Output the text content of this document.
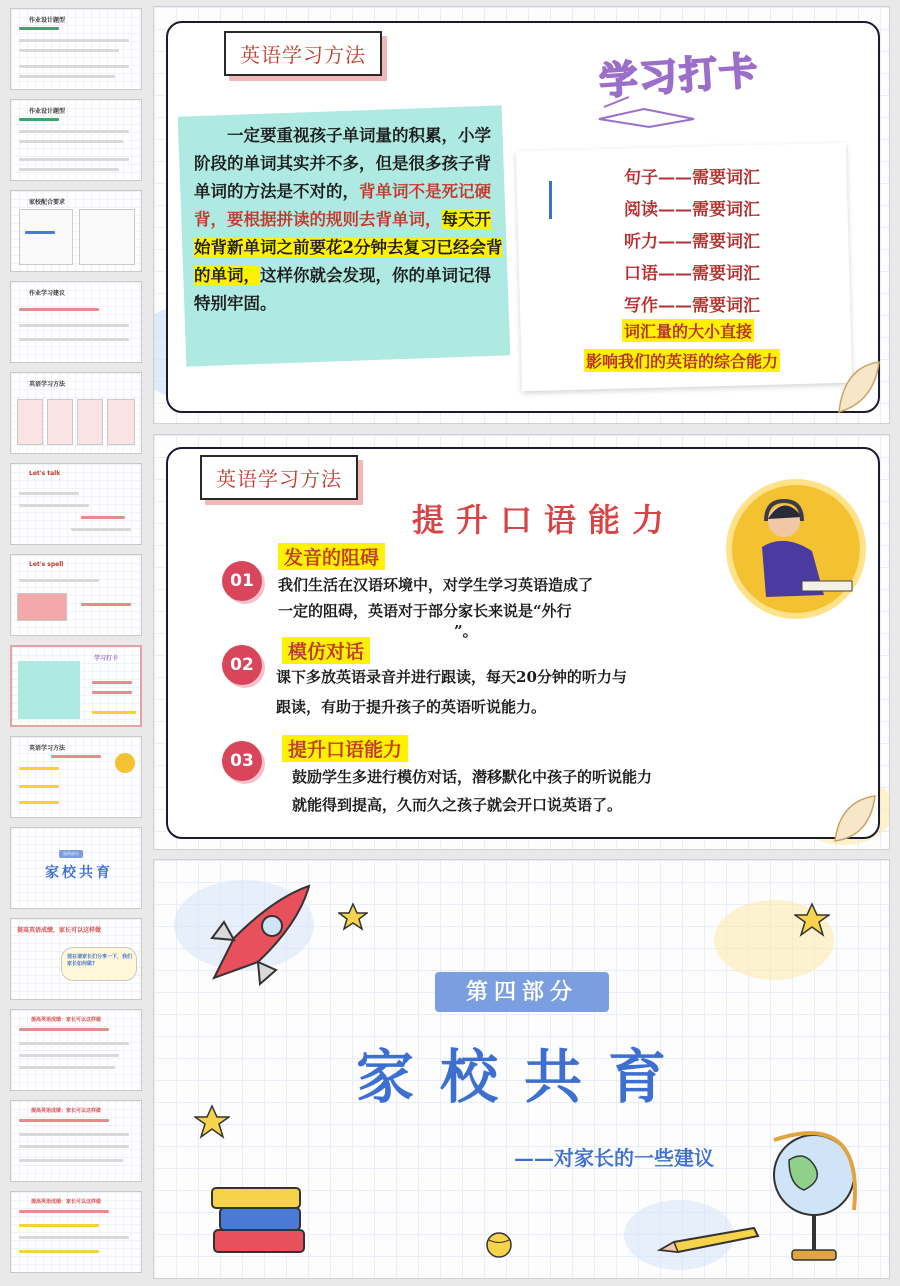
作业设计题型
作业设计题型
家校配合要求
作业学习建议
英语学习方法
Let's talk
Let's spell
学习打卡
英语学习方法
第四部分
家校共育
提高英语成绩，家长可以这样做
现在请家长们分享一下，我们家长如何做?
提高英语成绩：家长可以这样做
提高英语成绩：家长可以这样做
提高英语成绩：家长可以这样做
英语学习方法	学习打卡
一定要重视孩子单词量的积累，小学阶段的单词其实并不多，但是很多孩子背单词的方法是不对的，背单词不是死记硬背，要根据拼读的规则去背单词，每天开始背新单词之前要花2分钟去复习已经会背的单词，这样你就会发现，你的单词记得特别牢固。
句子——需要词汇
阅读——需要词汇
听力——需要词汇
口语——需要词汇
写作——需要词汇
词汇量的大小直接
影响我们的英语的综合能力
英语学习方法
提升口语能力
01
发音的阻碍
我们生活在汉语环境中，对学生学习英语造成了
一定的阻碍，英语对于部分家长来说是“外行
”。
02
模仿对话
课下多放英语录音并进行跟读，每天20分钟的听力与
跟读，有助于提升孩子的英语听说能力。
03	提升口语能力
鼓励学生多进行模仿对话，潜移默化中孩子的听说能力
就能得到提高，久而久之孩子就会开口说英语了。
第四部分
家校共育
——对家长的一些建议
